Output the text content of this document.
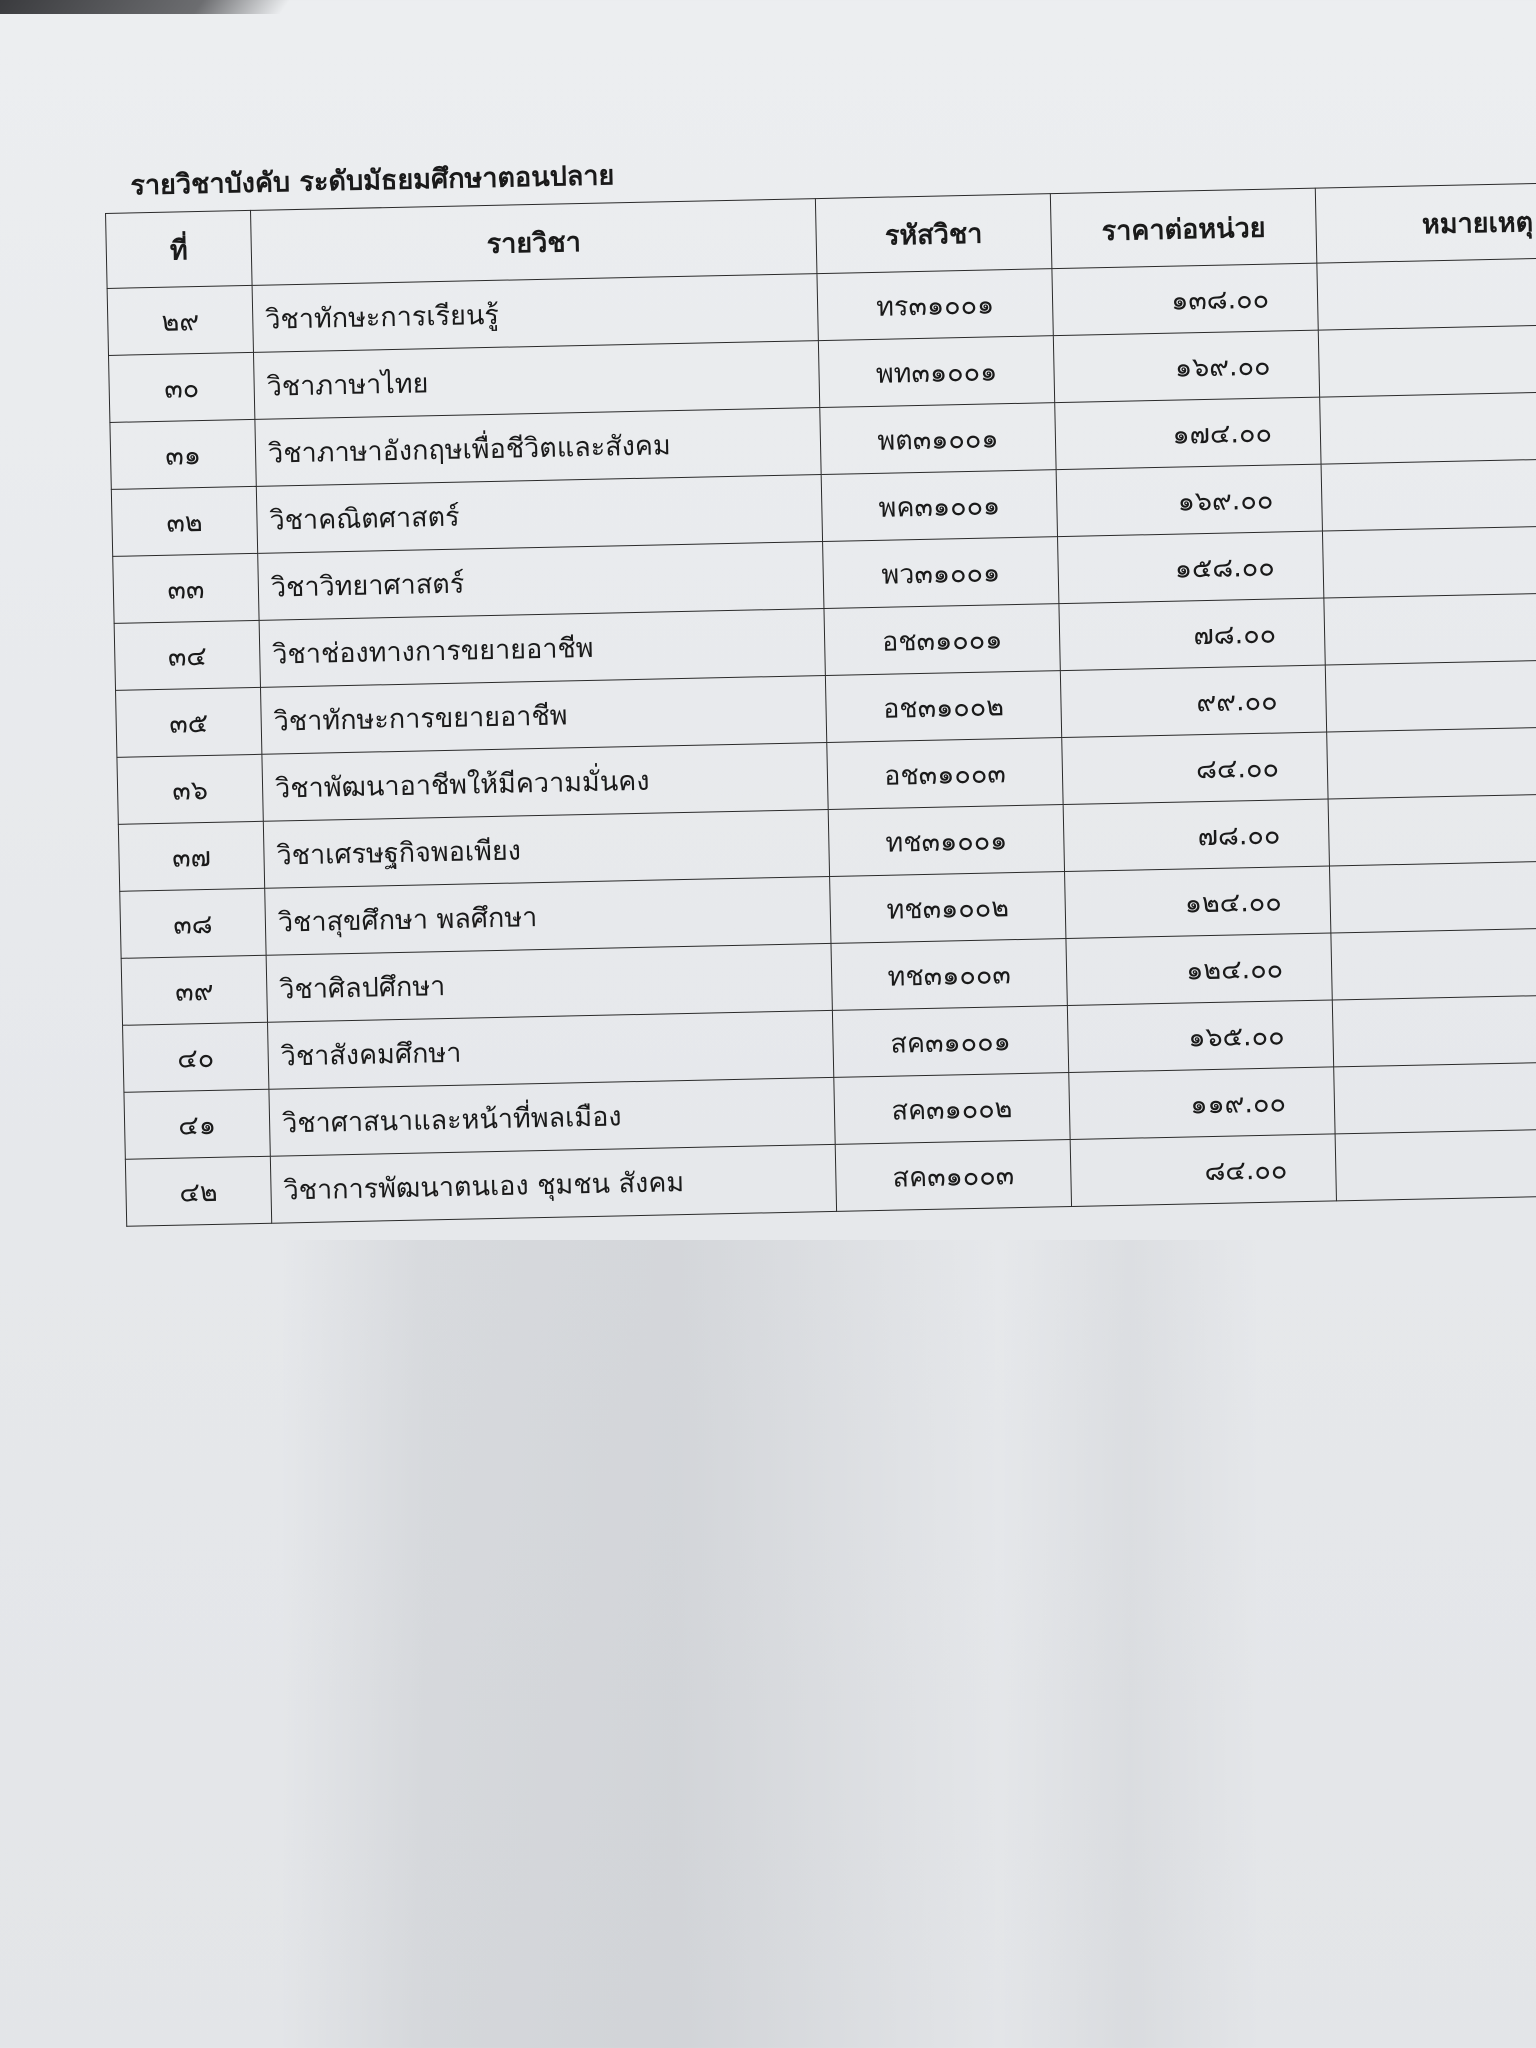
รายวิชาบังคับ ระดับมัธยมศึกษาตอนปลาย
ที่	รายวิชา	รหัสวิชา	ราคาต่อหน่วย	หมายเหตุ
๒๙	วิชาทักษะการเรียนรู้	ทร๓๑๐๐๑	๑๓๘.๐๐	
๓๐	วิชาภาษาไทย	พท๓๑๐๐๑	๑๖๙.๐๐	
๓๑	วิชาภาษาอังกฤษเพื่อชีวิตและสังคม	พต๓๑๐๐๑	๑๗๔.๐๐	
๓๒	วิชาคณิตศาสตร์	พค๓๑๐๐๑	๑๖๙.๐๐	
๓๓	วิชาวิทยาศาสตร์	พว๓๑๐๐๑	๑๕๘.๐๐	
๓๔	วิชาช่องทางการขยายอาชีพ	อช๓๑๐๐๑	๗๘.๐๐	
๓๕	วิชาทักษะการขยายอาชีพ	อช๓๑๐๐๒	๙๙.๐๐	
๓๖	วิชาพัฒนาอาชีพให้มีความมั่นคง	อช๓๑๐๐๓	๘๔.๐๐	
๓๗	วิชาเศรษฐกิจพอเพียง	ทช๓๑๐๐๑	๗๘.๐๐	
๓๘	วิชาสุขศึกษา พลศึกษา	ทช๓๑๐๐๒	๑๒๔.๐๐	
๓๙	วิชาศิลปศึกษา	ทช๓๑๐๐๓	๑๒๔.๐๐	
๔๐	วิชาสังคมศึกษา	สค๓๑๐๐๑	๑๖๕.๐๐	
๔๑	วิชาศาสนาและหน้าที่พลเมือง	สค๓๑๐๐๒	๑๑๙.๐๐	
๔๒	วิชาการพัฒนาตนเอง ชุมชน สังคม	สค๓๑๐๐๓	๘๔.๐๐	
